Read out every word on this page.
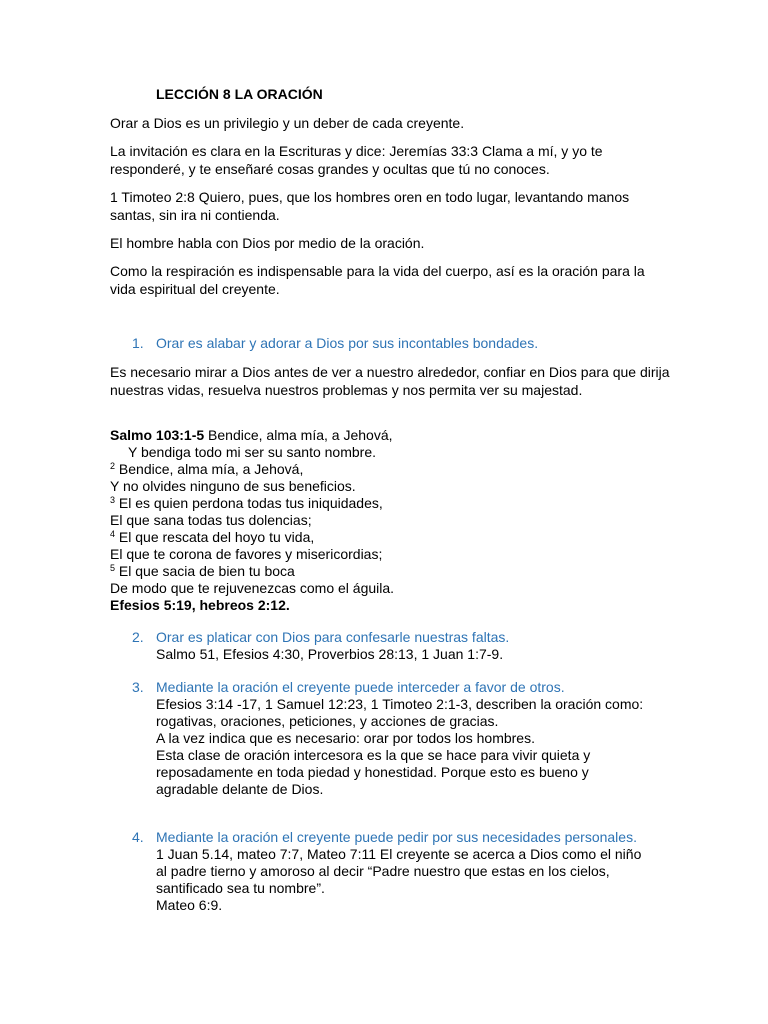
LECCIÓN 8 LA ORACIÓN

Orar a Dios es un privilegio y un deber de cada creyente.

La invitación es clara en la Escrituras y dice: Jeremías 33:3 Clama a mí, y yo te responderé, y te enseñaré cosas grandes y ocultas que tú no conoces.

1 Timoteo 2:8 Quiero, pues, que los hombres oren en todo lugar, levantando manos santas, sin ira ni contienda.

El hombre habla con Dios por medio de la oración.

Como la respiración es indispensable para la vida del cuerpo, así es la oración para la vida espiritual del creyente.

1. Orar es alabar y adorar a Dios por sus incontables bondades.

Es necesario mirar a Dios antes de ver a nuestro alrededor, confiar en Dios para que dirija nuestras vidas, resuelva nuestros problemas y nos permita ver su majestad.

Salmo 103:1-5 Bendice, alma mía, a Jehová,
Y bendiga todo mi ser su santo nombre.
$^2$ Bendice, alma mía, a Jehová,
Y no olvides ninguno de sus beneficios.
$^3$ El es quien perdona todas tus iniquidades,
El que sana todas tus dolencias;
$^4$ El que rescata del hoyo tu vida,
El que te corona de favores y misericordias;
$^5$ El que sacia de bien tu boca
De modo que te rejuvenezcas como el águila.
Efesios 5:19, hebreos 2:12.
2. Orar es platicar con Dios para confesarle nuestras faltas.
Salmo 51, Efesios 4:30, Proverbios 28:13, 1 Juan 1:7-9.
3. Mediante la oración el creyente puede interceder a favor de otros.
Efesios 3:14 -17, 1 Samuel 12:23, 1 Timoteo 2:1-3, describen la oración como: rogativas, oraciones, peticiones, y acciones de gracias.
A la vez indica que es necesario: orar por todos los hombres.
Esta clase de oración intercesora es la que se hace para vivir quieta y reposadamente en toda piedad y honestidad. Porque esto es bueno y agradable delante de Dios.
4. Mediante la oración el creyente puede pedir por sus necesidades personales.
1 Juan 5.14, mateo 7:7, Mateo 7:11 El creyente se acerca a Dios como el niño al padre tierno y amoroso al decir “Padre nuestro que estas en los cielos, santificado sea tu nombre”.
Mateo 6:9.
